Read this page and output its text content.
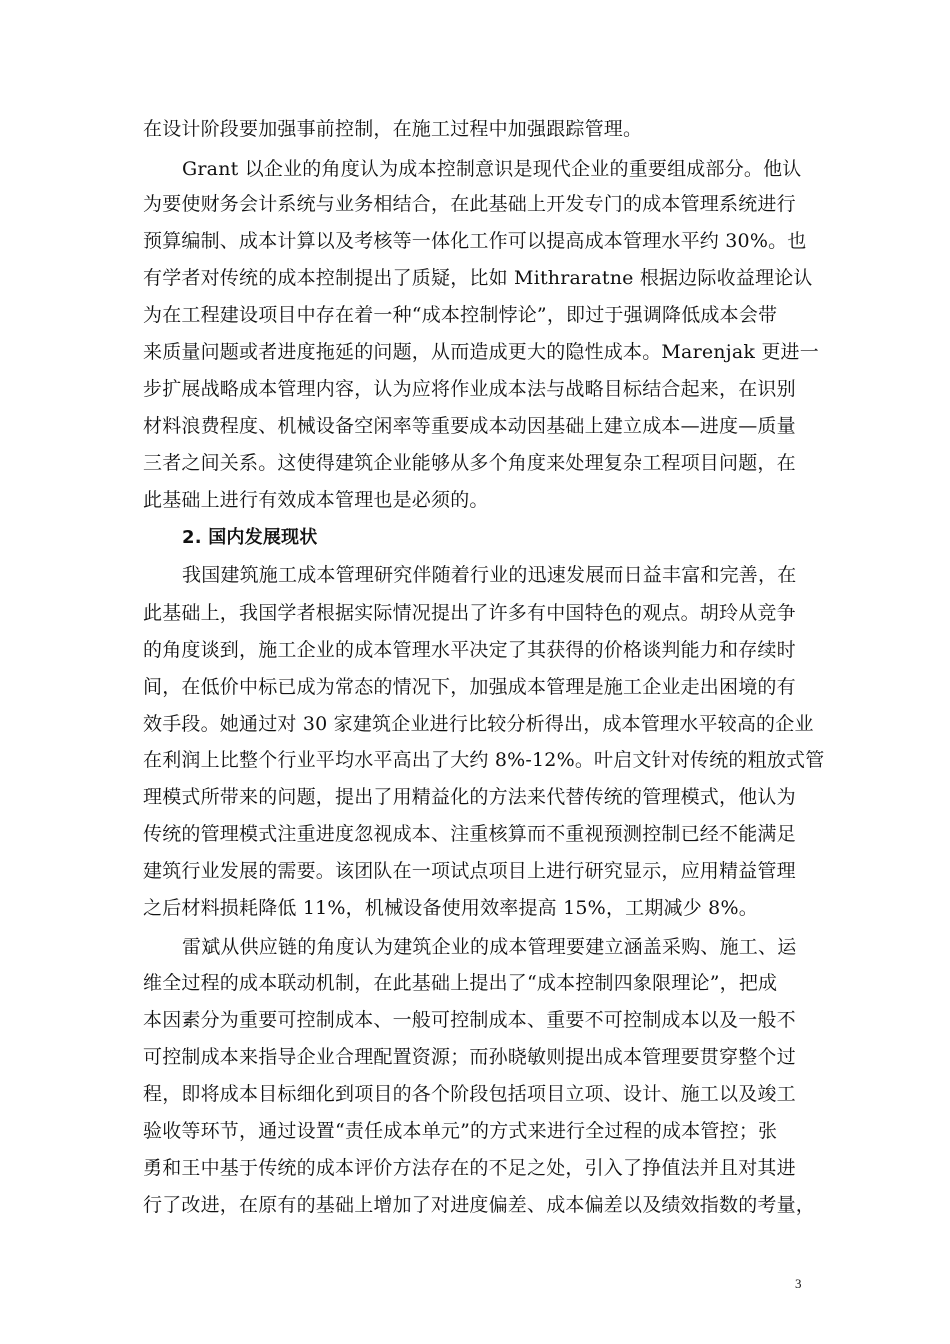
在设计阶段要加强事前控制，在施工过程中加强跟踪管理。
Grant 以企业的角度认为成本控制意识是现代企业的重要组成部分。他认
为要使财务会计系统与业务相结合，在此基础上开发专门的成本管理系统进行
预算编制、成本计算以及考核等一体化工作可以提高成本管理水平约 30%。也
有学者对传统的成本控制提出了质疑，比如 Mithraratne 根据边际收益理论认
为在工程建设项目中存在着一种“成本控制悖论”，即过于强调降低成本会带
来质量问题或者进度拖延的问题，从而造成更大的隐性成本。Marenjak 更进一
步扩展战略成本管理内容，认为应将作业成本法与战略目标结合起来，在识别
材料浪费程度、机械设备空闲率等重要成本动因基础上建立成本—进度—质量
三者之间关系。这使得建筑企业能够从多个角度来处理复杂工程项目问题，在
此基础上进行有效成本管理也是必须的。
2. 国内发展现状
我国建筑施工成本管理研究伴随着行业的迅速发展而日益丰富和完善，在
此基础上，我国学者根据实际情况提出了许多有中国特色的观点。胡玲从竞争
的角度谈到，施工企业的成本管理水平决定了其获得的价格谈判能力和存续时
间，在低价中标已成为常态的情况下，加强成本管理是施工企业走出困境的有
效手段。她通过对 30 家建筑企业进行比较分析得出，成本管理水平较高的企业
在利润上比整个行业平均水平高出了大约 8%-12%。叶启文针对传统的粗放式管
理模式所带来的问题，提出了用精益化的方法来代替传统的管理模式，他认为
传统的管理模式注重进度忽视成本、注重核算而不重视预测控制已经不能满足
建筑行业发展的需要。该团队在一项试点项目上进行研究显示，应用精益管理
之后材料损耗降低 11%，机械设备使用效率提高 15%，工期减少 8%。
雷斌从供应链的角度认为建筑企业的成本管理要建立涵盖采购、施工、运
维全过程的成本联动机制，在此基础上提出了“成本控制四象限理论”，把成
本因素分为重要可控制成本、一般可控制成本、重要不可控制成本以及一般不
可控制成本来指导企业合理配置资源；而孙晓敏则提出成本管理要贯穿整个过
程，即将成本目标细化到项目的各个阶段包括项目立项、设计、施工以及竣工
验收等环节，通过设置“责任成本单元”的方式来进行全过程的成本管控；张
勇和王中基于传统的成本评价方法存在的不足之处，引入了挣值法并且对其进
行了改进，在原有的基础上增加了对进度偏差、成本偏差以及绩效指数的考量，
3
